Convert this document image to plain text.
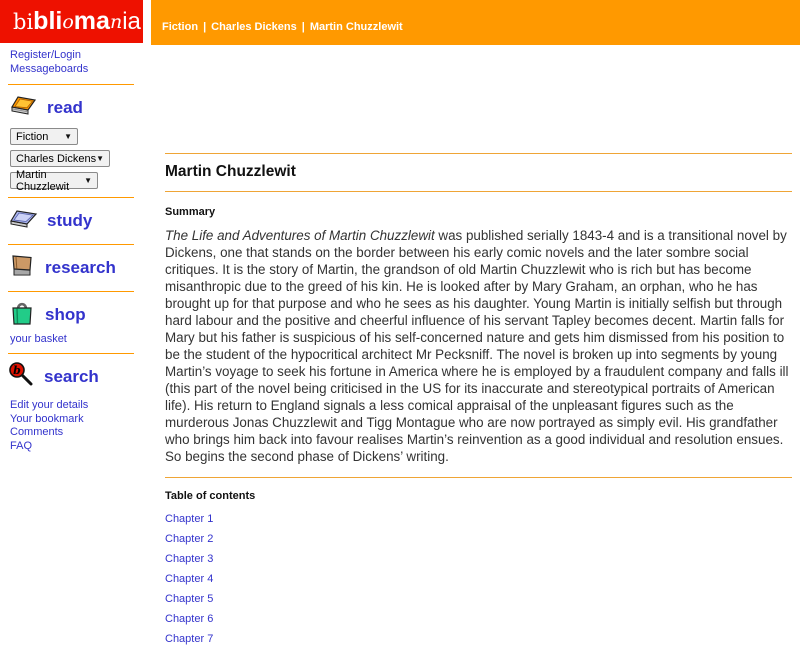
bi bli o ma n ia	Fiction | Charles Dickens | Martin Chuzzlewit
Register/Login
Messageboards
read
Fiction ▼
Charles Dickens ▼
Martin Chuzzlewit	▼
study
research
shop
your basket
b search
Edit your details
Your bookmark
Comments
FAQ
Martin Chuzzlewit
Summary

The Life and Adventures of Martin Chuzzlewit was published serially 1843-4 and is a transitional novel by Dickens, one that stands on the border between his early comic novels and the later sombre social critiques. It is the story of Martin, the grandson of old Martin Chuzzlewit who is rich but has become misanthropic due to the greed of his kin. He is looked after by Mary Graham, an orphan, who he has brought up for that purpose and who he sees as his daughter. Young Martin is initially selfish but through hard labour and the positive and cheerful influence of his servant Tapley becomes decent. Martin falls for Mary but his father is suspicious of his self-concerned nature and gets him dismissed from his position to be the student of the hypocritical architect Mr Pecksniff. The novel is broken up into segments by young Martin’s voyage to seek his fortune in America where he is employed by a fraudulent company and falls ill (this part of the novel being criticised in the US for its inaccurate and stereotypical portraits of American life). His return to England signals a less comical appraisal of the unpleasant figures such as the murderous Jonas Chuzzlewit and Tigg Montague who are now portrayed as simply evil. His grandfather who brings him back into favour realises Martin’s reinvention as a good individual and resolution ensues. So begins the second phase of Dickens’ writing.

Table of contents
Chapter 1
Chapter 2
Chapter 3
Chapter 4
Chapter 5
Chapter 6
Chapter 7
